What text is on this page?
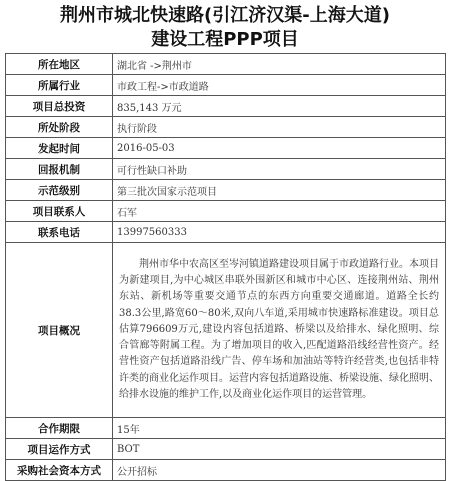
荆州市城北快速路(引江济汉渠-上海大道)
建设工程PPP项目
所在地区	湖北省 ->荆州市
所属行业	市政工程->市政道路
项目总投资	835,143 万元
所处阶段	执行阶段
发起时间	2016-05-03
回报机制	可行性缺口补助
示范级别	第三批次国家示范项目
项目联系人	石军
联系电话	13997560333
项目概况	荆州市华中农高区至岑河镇道路建设项目属于市政道路行业。本项目为新建项目,为中心城区串联外围新区和城市中心区、连接荆州站、荆州东站、新机场等重要交通节点的东西方向重要交通廊道。道路全长约38.3公里,路宽60～80米,双向八车道,采用城市快速路标准建设。项目总估算796609万元,建设内容包括道路、桥梁以及给排水、绿化照明、综合管廊等附属工程。为了增加项目的收入,匹配道路沿线经营性资产。经营性资产包括道路沿线广告、停车场和加油站等特许经营类,也包括非特许类的商业化运作项目。运营内容包括道路设施、桥梁设施、绿化照明、给排水设施的维护工作,以及商业化运作项目的运营管理。
合作期限	15年
项目运作方式	BOT
采购社会资本方式	公开招标
